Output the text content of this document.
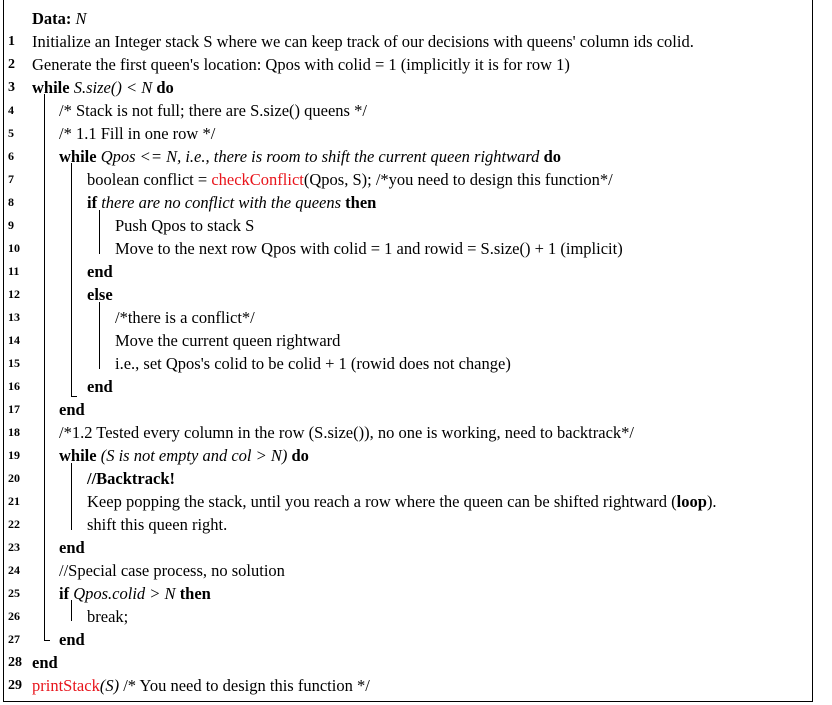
Data: N
1	Initialize an Integer stack S where we can keep track of our decisions with queens' column ids colid.
2	Generate the first queen's location: Qpos with colid = 1 (implicitly it is for row 1)
3	while S.size() < N do
4	/* Stack is not full; there are S.size() queens */
5	/* 1.1 Fill in one row */
6	while Qpos <= N, i.e., there is room to shift the current queen rightward do
7	boolean conflict = checkConflict(Qpos, S); /*you need to design this function*/
8	if there are no conflict with the queens then
9	Push Qpos to stack S
10	Move to the next row Qpos with colid = 1 and rowid = S.size() + 1 (implicit)
11	end
12	else
13	/*there is a conflict*/
14	Move the current queen rightward
15	i.e., set Qpos's colid to be colid + 1 (rowid does not change)
16	end
17	end
18	/*1.2 Tested every column in the row (S.size()), no one is working, need to backtrack*/
19	while (S is not empty and col > N) do
20	//Backtrack!
21	Keep popping the stack, until you reach a row where the queen can be shifted rightward (loop).
22	shift this queen right.
23	end
24	//Special case process, no solution
25	if Qpos.colid > N then
26	break;
27	end
28 end
29 printStack(S) /* You need to design this function */
